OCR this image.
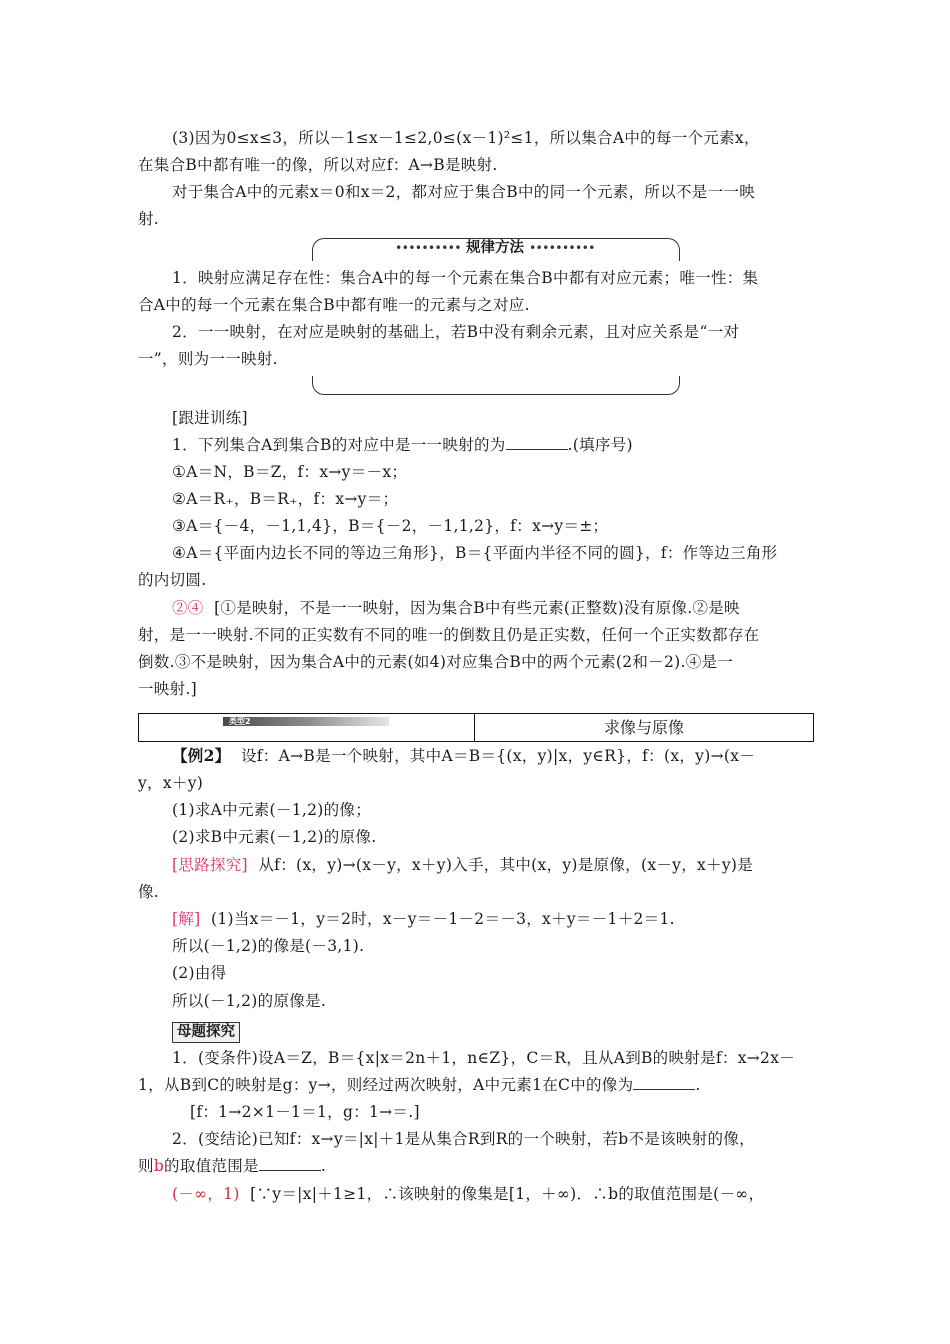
(3)因为0≤x≤3，所以－1≤x－1≤2,0≤(x－1)²≤1，所以集合A中的每一个元素x，
在集合B中都有唯一的像，所以对应f：A→B是映射.
对于集合A中的元素x＝0和x＝2，都对应于集合B中的同一个元素，所以不是一一映
射.
•••••••••• 规律方法 ••••••••••
1．映射应满足存在性：集合A中的每一个元素在集合B中都有对应元素；唯一性：集
合A中的每一个元素在集合B中都有唯一的元素与之对应.
2．一一映射，在对应是映射的基础上，若B中没有剩余元素，且对应关系是“一对
一”，则为一一映射.
[跟进训练]
1．下列集合A到集合B的对应中是一一映射的为	.(填序号)
①A＝N，B＝Z，f：x→y＝－x；
②A＝R₊，B＝R₊，f：x→y＝；
③A＝{－4，－1,1,4}，B＝{－2，－1,1,2}，f：x→y＝±；
④A＝{平面内边长不同的等边三角形}，B＝{平面内半径不同的圆}，f：作等边三角形
的内切圆.
②④ [①是映射，不是一一映射，因为集合B中有些元素(正整数)没有原像.②是映
射，是一一映射.不同的正实数有不同的唯一的倒数且仍是正实数，任何一个正实数都存在
倒数.③不是映射，因为集合A中的元素(如4)对应集合B中的两个元素(2和－2).④是一
一映射.]
类型2	求像与原像
【例2】 设f：A→B是一个映射，其中A＝B＝{(x，y)|x，y∈R}，f：(x，y)→(x－
y，x＋y)
(1)求A中元素(－1,2)的像；
(2)求B中元素(－1,2)的原像.
[思路探究] 从f：(x，y)→(x－y，x＋y)入手，其中(x，y)是原像，(x－y，x＋y)是
像.
[解] (1)当x＝－1，y＝2时，x－y＝－1－2＝－3，x＋y＝－1＋2＝1.
所以(－1,2)的像是(－3,1).
(2)由得
所以(－1,2)的原像是.
母题探究
1．(变条件)设A＝Z，B＝{x|x＝2n＋1，n∈Z}，C＝R，且从A到B的映射是f：x→2x－
1，从B到C的映射是g：y→，则经过两次映射，A中元素1在C中的像为	.
[f：1→2×1－1＝1，g：1→＝.]
2．(变结论)已知f：x→y＝|x|＋1是从集合R到R的一个映射，若b不是该映射的像，
则b的取值范围是	.
(－∞，1) [∵y＝|x|＋1≥1，∴该映射的像集是[1，＋∞)．∴b的取值范围是(－∞，
